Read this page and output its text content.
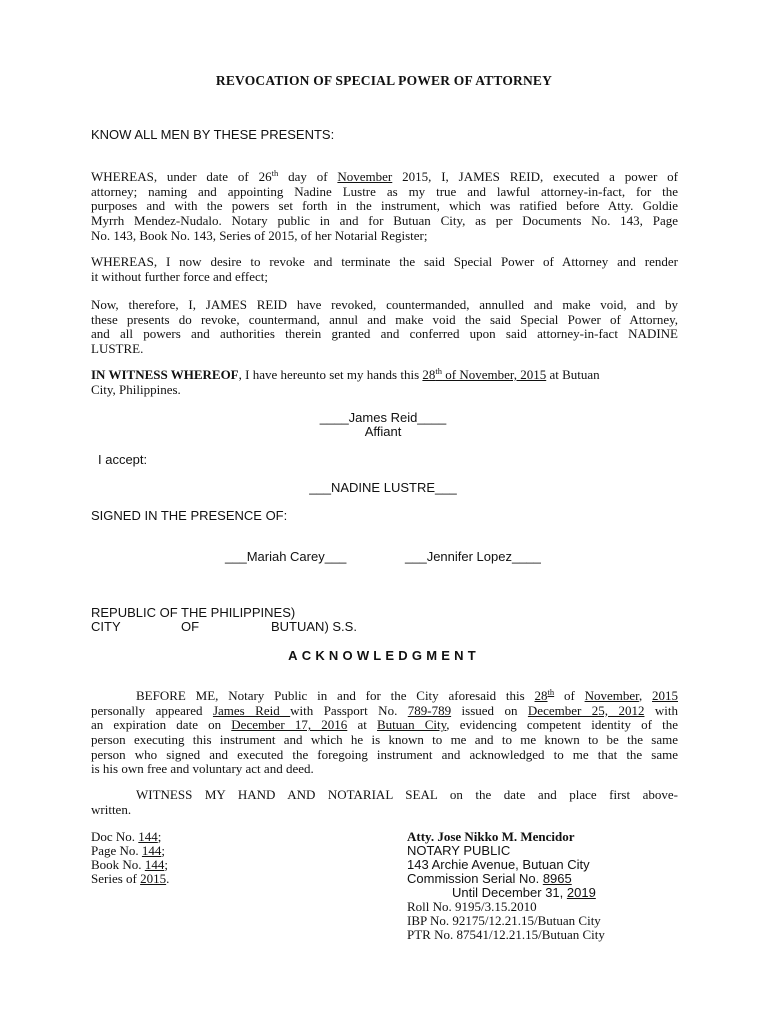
REVOCATION OF SPECIAL POWER OF ATTORNEY
KNOW ALL MEN BY THESE PRESENTS:
WHEREAS, under date of 26th day of November 2015, I, JAMES REID, executed a power of
attorney; naming and appointing Nadine Lustre as my true and lawful attorney-in-fact, for the
purposes and with the powers set forth in the instrument, which was ratified before Atty. Goldie
Myrrh Mendez-Nudalo. Notary public in and for Butuan City, as per Documents No. 143, Page
No. 143, Book No. 143, Series of 2015, of her Notarial Register;
WHEREAS, I now desire to revoke and terminate the said Special Power of Attorney and render
it without further force and effect;
Now, therefore, I, JAMES REID have revoked, countermanded, annulled and make void, and by
these presents do revoke, countermand, annul and make void the said Special Power of Attorney,
and all powers and authorities therein granted and conferred upon said attorney-in-fact NADINE
LUSTRE.
IN WITNESS WHEREOF, I have hereunto set my hands this 28th of November, 2015 at Butuan
City, Philippines.
____James Reid____
Affiant
I accept:
___NADINE LUSTRE___
SIGNED IN THE PRESENCE OF:
___Mariah Carey___	___Jennifer Lopez____
REPUBLIC OF THE PHILIPPINES)
CITY	OF	BUTUAN) S.S.
ACKNOWLEDGMENT
BEFORE ME, Notary Public in and for the City aforesaid this 28th of November, 2015
personally appeared James Reid with Passport No. 789-789 issued on December 25, 2012 with
an expiration date on December 17, 2016 at Butuan City, evidencing competent identity of the
person executing this instrument and which he is known to me and to me known to be the same
person who signed and executed the foregoing instrument and acknowledged to me that the same
is his own free and voluntary act and deed.
WITNESS MY HAND AND NOTARIAL SEAL on the date and place first above-
written.
Doc No. 144;
Page No. 144;
Book No. 144;
Series of 2015.
Atty. Jose Nikko M. Mencidor
NOTARY PUBLIC
143 Archie Avenue, Butuan City
Commission Serial No. 8965
Until December 31, 2019
Roll No. 9195/3.15.2010
IBP No. 92175/12.21.15/Butuan City
PTR No. 87541/12.21.15/Butuan City
